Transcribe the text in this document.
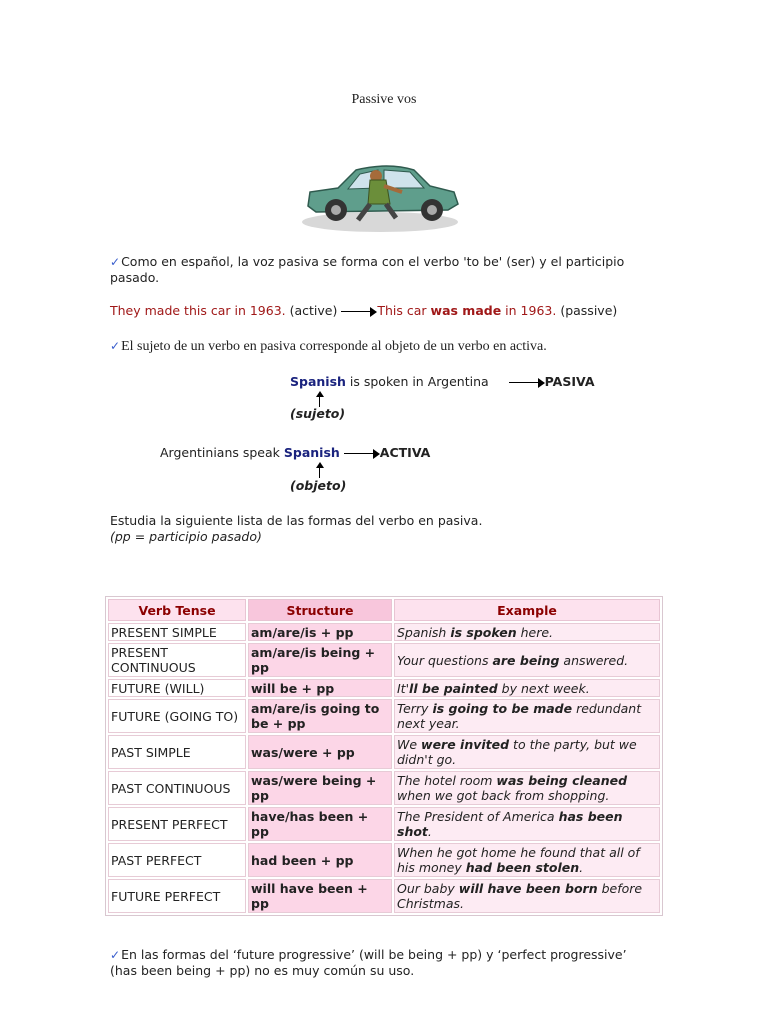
Passive vos
✓Como en español, la voz pasiva se forma con el verbo 'to be' (ser) y el participio pasado.
They made this car in 1963. (active)	This car was made in 1963. (passive)
✓El sujeto de un verbo en pasiva corresponde al objeto de un verbo en activa.
Spanish is spoken in Argentina	PASIVA
(sujeto)
Argentinians speak Spanish	ACTIVA
(objeto)
Estudia la siguiente lista de las formas del verbo en pasiva.
(pp = participio pasado)
Verb Tense	Structure	Example
PRESENT SIMPLE	am/are/is + pp	Spanish is spoken here.
PRESENT CONTINUOUS	am/are/is being + pp	Your questions are being answered.
FUTURE (WILL)	will be + pp	It'll be painted by next week.
FUTURE (GOING TO)	am/are/is going to be + pp	Terry is going to be made redundant next year.
PAST SIMPLE	was/were + pp	We were invited to the party, but we didn't go.
PAST CONTINUOUS	was/were being + pp	The hotel room was being cleaned when we got back from shopping.
PRESENT PERFECT	have/has been + pp	The President of America has been shot.
PAST PERFECT	had been + pp	When he got home he found that all of his money had been stolen.
FUTURE PERFECT	will have been + pp	Our baby will have been born before Christmas.
✓En las formas del ‘future progressive’ (will be being + pp) y ‘perfect progressive’ (has been being + pp) no es muy común su uso.
